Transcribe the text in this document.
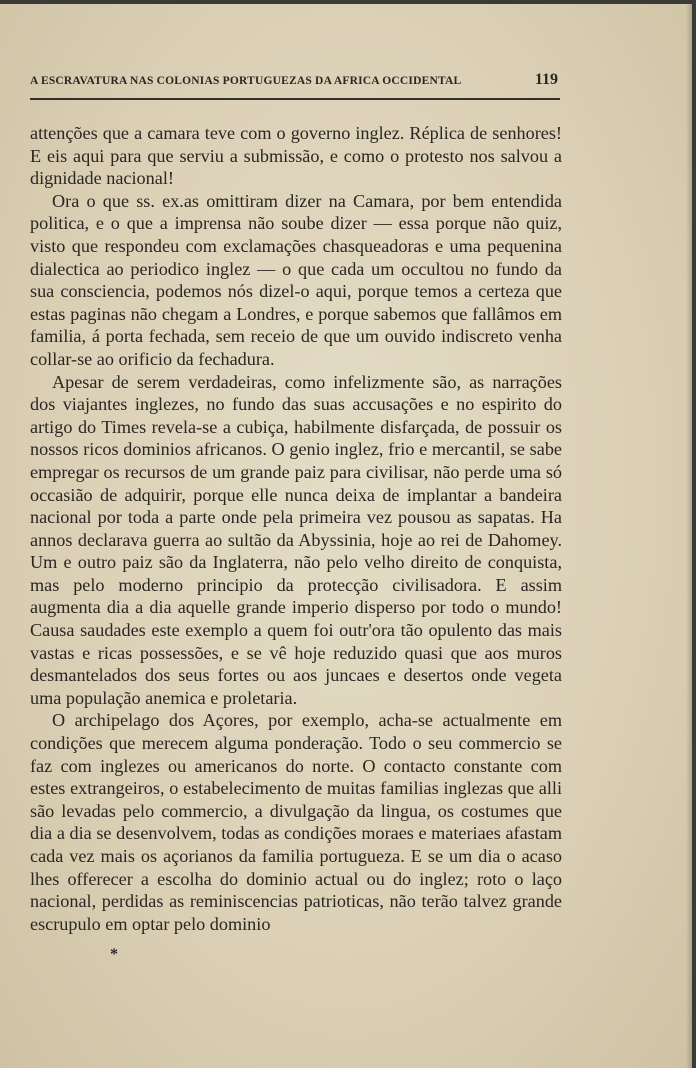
A ESCRAVATURA NAS COLONIAS PORTUGUEZAS DA AFRICA OCCIDENTAL	119

attenções que a camara teve com o governo inglez. Réplica de senhores! E eis aqui para que serviu a submissão, e como o protesto nos salvou a dignidade nacional!

Ora o que ss. ex.as omittiram dizer na Camara, por bem entendida politica, e o que a imprensa não soube dizer — essa porque não quiz, visto que respondeu com exclamações chasqueadoras e uma pequenina dialectica ao periodico inglez — o que cada um occultou no fundo da sua consciencia, podemos nós dizel-o aqui, porque temos a certeza que estas paginas não chegam a Londres, e porque sabemos que fallâmos em familia, á porta fechada, sem receio de que um ouvido indiscreto venha collar-se ao orificio da fechadura.

Apesar de serem verdadeiras, como infelizmente são, as narrações dos viajantes inglezes, no fundo das suas accusações e no espirito do artigo do Times revela-se a cubiça, habilmente disfarçada, de possuir os nossos ricos dominios africanos. O genio inglez, frio e mercantil, se sabe empregar os recursos de um grande paiz para civilisar, não perde uma só occasião de adquirir, porque elle nunca deixa de implantar a bandeira nacional por toda a parte onde pela primeira vez pousou as sapatas. Ha annos declarava guerra ao sultão da Abyssinia, hoje ao rei de Dahomey. Um e outro paiz são da Inglaterra, não pelo velho direito de conquista, mas pelo moderno principio da protecção civilisadora. E assim augmenta dia a dia aquelle grande imperio disperso por todo o mundo! Causa saudades este exemplo a quem foi outr'ora tão opulento das mais vastas e ricas possessões, e se vê hoje reduzido quasi que aos muros desmantelados dos seus fortes ou aos juncaes e desertos onde vegeta uma população anemica e proletaria.

O archipelago dos Açores, por exemplo, acha-se actualmente em condições que merecem alguma ponderação. Todo o seu commercio se faz com inglezes ou americanos do norte. O contacto constante com estes extrangeiros, o estabelecimento de muitas familias inglezas que alli são levadas pelo commercio, a divulgação da lingua, os costumes que dia a dia se desenvolvem, todas as condições moraes e materiaes afastam cada vez mais os açorianos da familia portugueza. E se um dia o acaso lhes offerecer a escolha do dominio actual ou do inglez; roto o laço nacional, perdidas as reminiscencias patrioticas, não terão talvez grande escrupulo em optar pelo dominio

*
